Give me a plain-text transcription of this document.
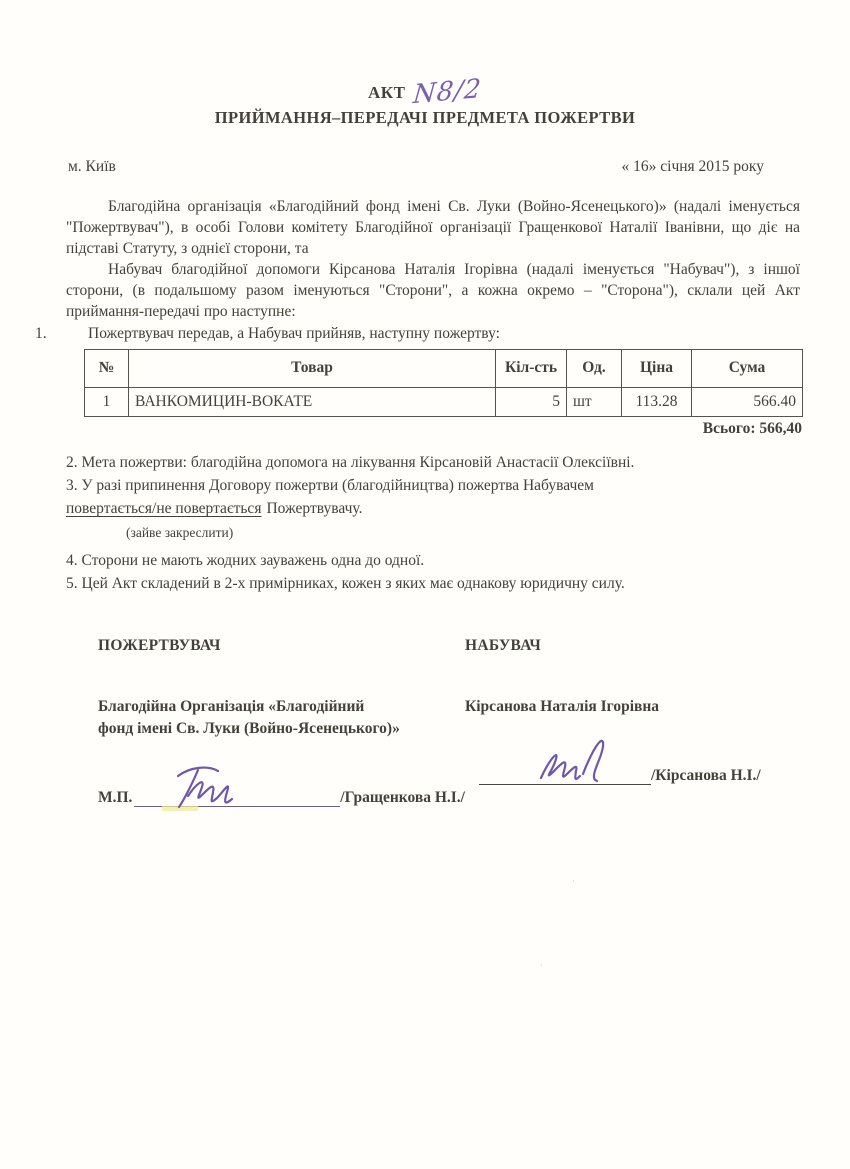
АКТ N8/2
ПРИЙМАННЯ–ПЕРЕДАЧІ ПРЕДМЕТА ПОЖЕРТВИ
м. Київ	« 16» січня 2015 року

Благодійна організація «Благодійний фонд імені Св. Луки (Войно-Ясенецького)» (надалі іменується "Пожертвувач"), в особі Голови комітету Благодійної організації Гращенкової Наталії Іванівни, що діє на підставі Статуту, з однієї сторони, та

Набувач благодійної допомоги Кірсанова Наталія Ігорівна (надалі іменується "Набувач"), з іншої сторони, (в подальшому разом іменуються "Сторони", а кожна окремо – "Сторона"), склали цей Акт приймання-передачі про наступне:

1.	Пожертвувач передав, а Набувач прийняв, наступну пожертву:
№	Товар	Кіл-сть	Од.	Ціна	Сума
1	ВАНКОМИЦИН-ВОКАТЕ	5	шт	113.28	566.40
Всього: 566,40
2. Мета пожертви: благодійна допомога на лікування Кірсановій Анастасії Олексіївні.
3. У разі припинення Договору пожертви (благодійництва) пожертва Набувачем
повертається/не повертається Пожертвувачу.
(зайве закреслити)
4. Сторони не мають жодних зауважень одна до одної.
5. Цей Акт складений в 2-х примірниках, кожен з яких має однакову юридичну силу.
ПОЖЕРТВУВАЧ
Благодійна Організація «Благодійний
фонд імені Св. Луки (Войно-Ясенецького)»
М.П.	/Гращенкова Н.І./
НАБУВАЧ
Кірсанова Наталія Ігорівна
/Кірсанова Н.І./
·
·
